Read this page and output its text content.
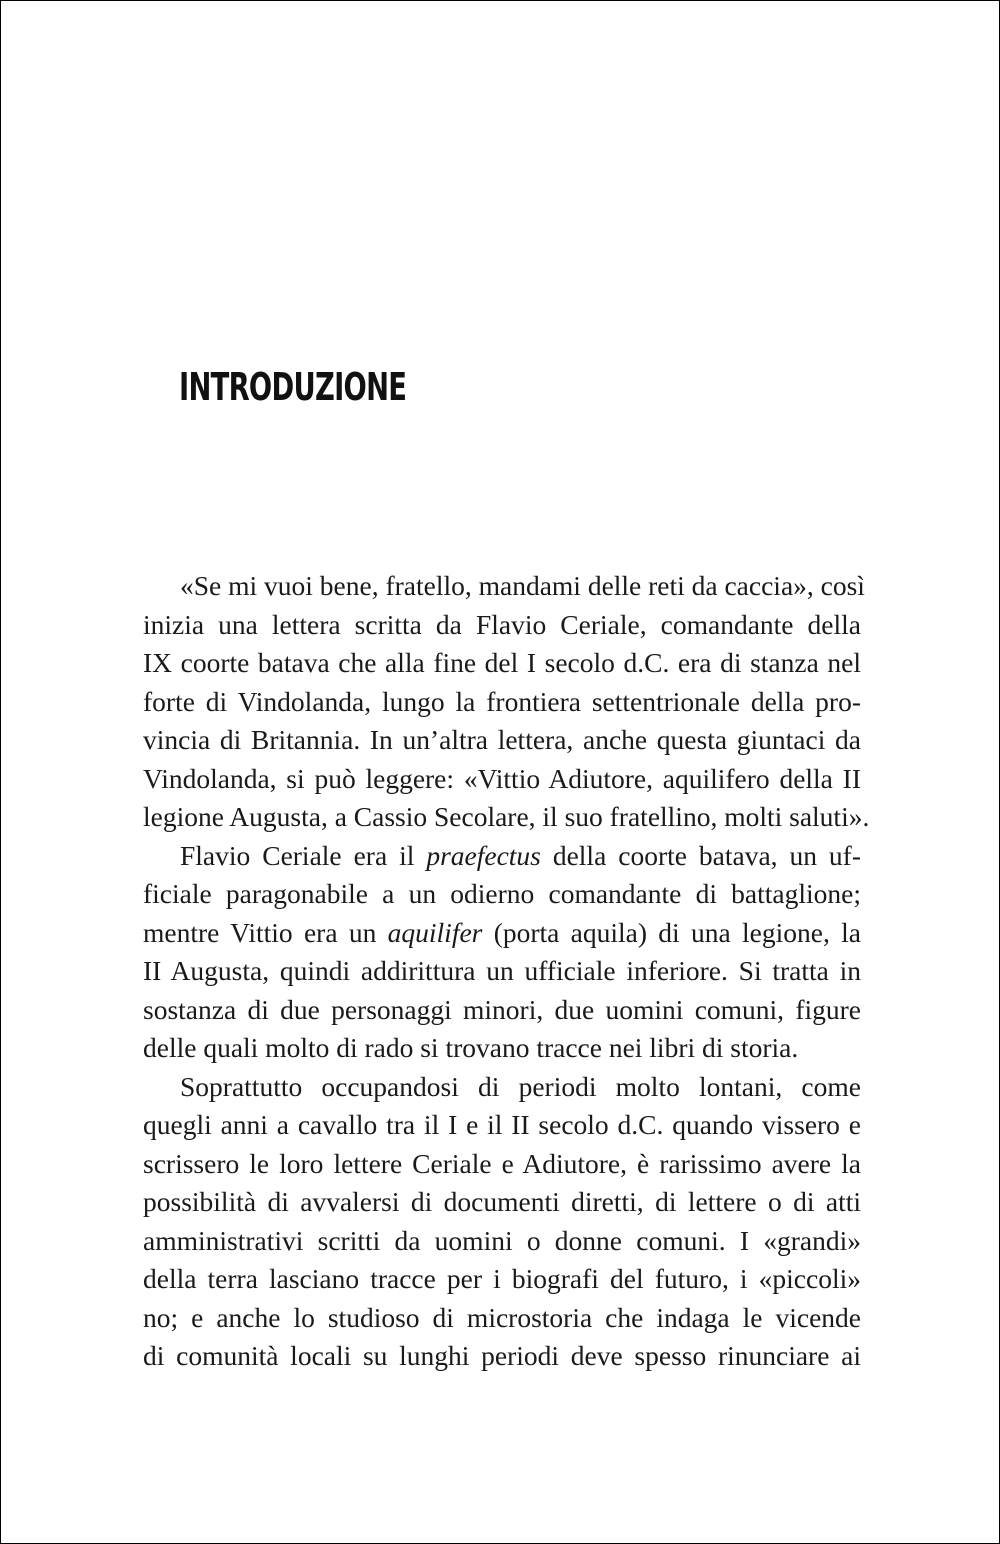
INTRODUZIONE
«Se mi vuoi bene, fratello, mandami delle reti da caccia», così
inizia una lettera scritta da Flavio Ceriale, comandante della
IX coorte batava che alla fine del I secolo d.C. era di stanza nel
forte di Vindolanda, lungo la frontiera settentrionale della pro-
vincia di Britannia. In un’altra lettera, anche questa giuntaci da
Vindolanda, si può leggere: «Vittio Adiutore, aquilifero della II
legione Augusta, a Cassio Secolare, il suo fratellino, molti saluti».
Flavio Ceriale era il praefectus della coorte batava, un uf-
ficiale paragonabile a un odierno comandante di battaglione;
mentre Vittio era un aquilifer (porta aquila) di una legione, la
II Augusta, quindi addirittura un ufficiale inferiore. Si tratta in
sostanza di due personaggi minori, due uomini comuni, figure
delle quali molto di rado si trovano tracce nei libri di storia.
Soprattutto occupandosi di periodi molto lontani, come
quegli anni a cavallo tra il I e il II secolo d.C. quando vissero e
scrissero le loro lettere Ceriale e Adiutore, è rarissimo avere la
possibilità di avvalersi di documenti diretti, di lettere o di atti
amministrativi scritti da uomini o donne comuni. I «grandi»
della terra lasciano tracce per i biografi del futuro, i «piccoli»
no; e anche lo studioso di microstoria che indaga le vicende
di comunità locali su lunghi periodi deve spesso rinunciare ai
